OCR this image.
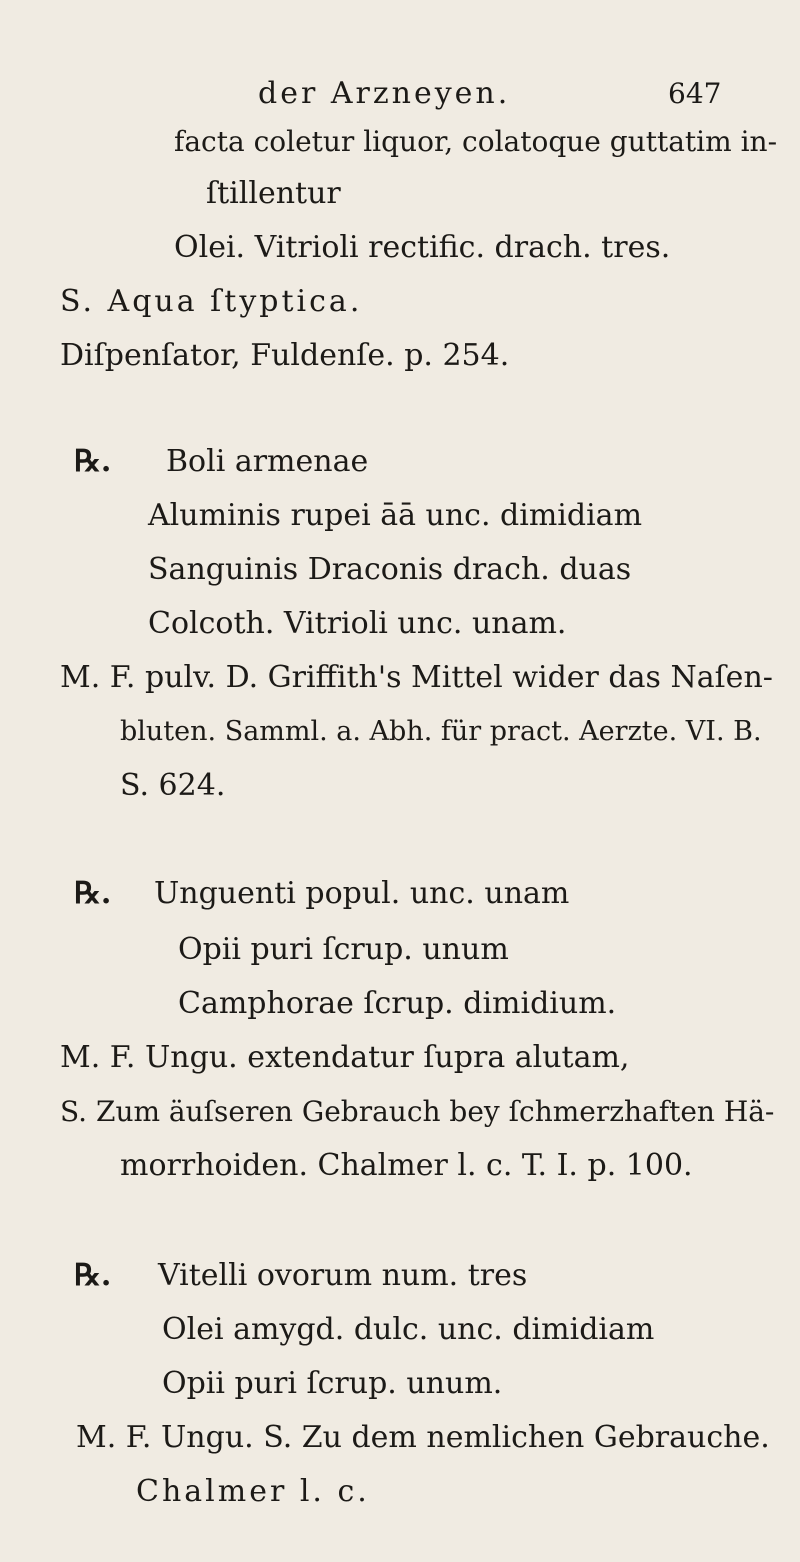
der Arzneyen.	647
facta coletur liquor, colatoque guttatim in-
ſtillentur
Olei. Vitrioli rectific. drach. tres.
S. Aqua ſtyptica.
Diſpenſator, Fuldenſe. p. 254.
℞. Boli armenae
Aluminis rupei āā unc. dimidiam
Sanguinis Draconis drach. duas
Colcoth. Vitrioli unc. unam.
M. F. pulv. D. Griffith's Mittel wider das Naſen-
bluten. Samml. a. Abh. für pract. Aerzte. VI. B.
S. 624.
℞. Unguenti popul. unc. unam
Opii puri ſcrup. unum
Camphorae ſcrup. dimidium.
M. F. Ungu. extendatur ſupra alutam,
S. Zum äuſseren Gebrauch bey ſchmerzhaften Hä-
morrhoiden. Chalmer l. c. T. I. p. 100.
℞. Vitelli ovorum num. tres
Olei amygd. dulc. unc. dimidiam
Opii puri ſcrup. unum.
M. F. Ungu. S. Zu dem nemlichen Gebrauche.
Chalmer l. c.
